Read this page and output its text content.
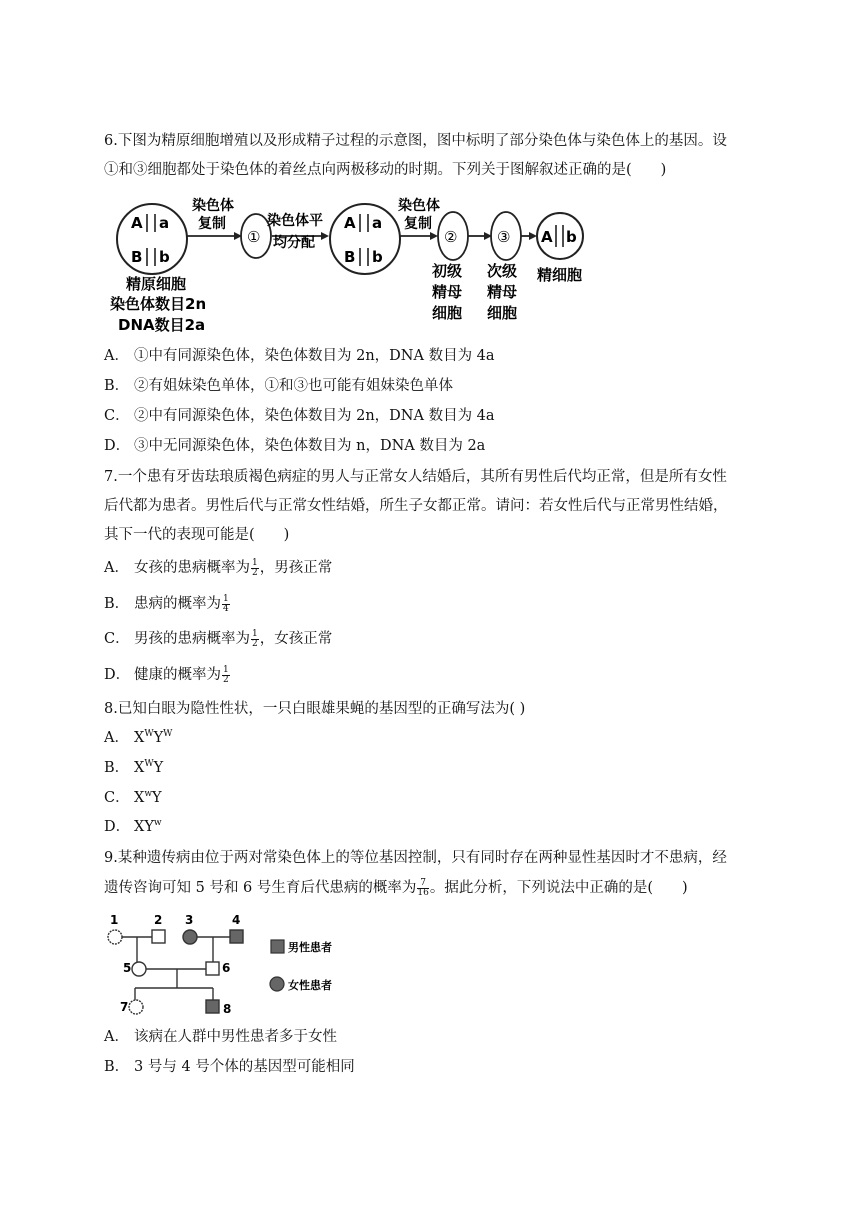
6.下图为精原细胞增殖以及形成精子过程的示意图，图中标明了部分染色体与染色体上的基因。设
①和③细胞都处于染色体的着丝点向两极移动的时期。下列关于图解叙述正确的是(　　)
A a
B b
染色体
复制
①
染色体平
均分配
A a
B b
染色体
复制
②	③ A b
精原细胞
染色体数目2n
DNA数目2a
初级
精母
细胞
次级
精母
细胞
精细胞
A． ①中有同源染色体，染色体数目为 2n，DNA 数目为 4a
B． ②有姐妹染色单体，①和③也可能有姐妹染色单体
C． ②中有同源染色体，染色体数目为 2n，DNA 数目为 4a
D． ③中无同源染色体，染色体数目为 n，DNA 数目为 2a
7.一个患有牙齿珐琅质褐色病症的男人与正常女人结婚后，其所有男性后代均正常，但是所有女性
后代都为患者。男性后代与正常女性结婚，所生子女都正常。请问：若女性后代与正常男性结婚，
其下一代的表现可能是(　　)
A． 女孩的患病概率为 $\frac{1}{2}$ ，男孩正常
B． 患病的概率为 $\frac{1}{4}$
C． 男孩的患病概率为 $\frac{1}{2}$ ，女孩正常
D． 健康的概率为 $\frac{1}{2}$
8.已知白眼为隐性性状，一只白眼雄果蝇的基因型的正确写法为( )
A． $X^WY^W$
B． $X^WY$
C． $X^wY$
D． $XY^w$
9.某种遗传病由位于两对常染色体上的等位基因控制，只有同时存在两种显性基因时才不患病，经
遗传咨询可知 5 号和 6 号生育后代患病的概率为 $\frac{7}{16}$ 。据此分析，下列说法中正确的是(　　)
1	2 3	4
5	6
7	8
男性患者
女性患者
A． 该病在人群中男性患者多于女性
B． 3 号与 4 号个体的基因型可能相同
